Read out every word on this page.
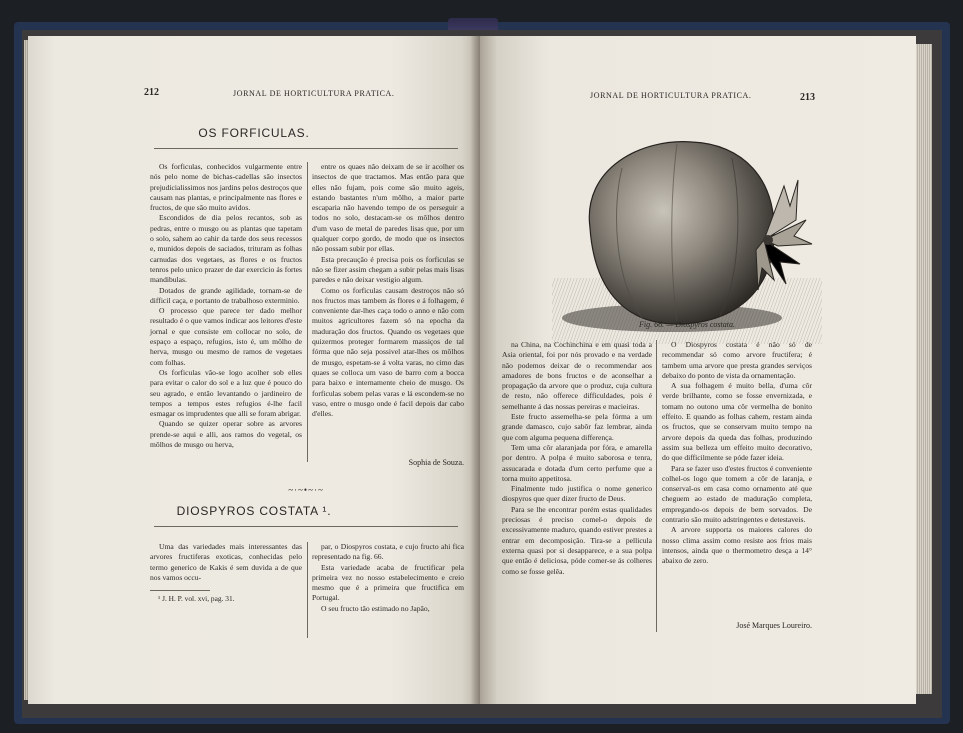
212	JORNAL DE HORTICULTURA PRATICA.
OS FORFICULAS.

Os forficulas, conhecidos vulgarmente entre nós pelo nome de bichas-cadellas são insectos prejudicialissimos nos jardins pelos destroços que causam nas plantas, e principalmente nas flores e fructos, de que são muito avidos.

Escondidos de dia pelos recantos, sob as pedras, entre o musgo ou as plantas que tapetam o solo, sahem ao cahir da tarde dos seus recessos e, munidos depois de saciados, trituram as folhas carnudas dos vegetaes, as flores e os fructos tenros pelo unico prazer de dar exercicio ás fortes mandibulas.

Dotados de grande agilidade, tornam-se de difficil caça, e portanto de trabalhoso exterminio.

O processo que parece ter dado melhor resultado é o que vamos indicar aos leitores d'este jornal e que consiste em collocar no solo, de espaço a espaço, refugios, isto é, um môlho de herva, musgo ou mesmo de ramos de vegetaes com folhas.

Os forficulas vão-se logo acolher sob elles para evitar o calor do sol e a luz que é pouco do seu agrado, e então levantando o jardineiro de tempos a tempos estes refugios é-lhe facil esmagar os imprudentes que alli se foram abrigar.

Quando se quizer operar sobre as arvores prende-se aqui e alli, aos ramos do vegetal, os môlhos de musgo ou herva,

entre os quaes não deixam de se ir acolher os insectos de que tractamos. Mas então para que elles não fujam, pois come são muito ageis, estando bastantes n'um môlho, a maior parte escaparia não havendo tempo de os perseguir a todos no solo, destacam-se os môlhos dentro d'um vaso de metal de paredes lisas que, por um qualquer corpo gordo, de modo que os insectos não possam subir por ellas.

Esta precaução é precisa pois os forficulas se não se fizer assim chegam a subir pelas mais lisas paredes e não deixar vestigio algum.

Como os forficulas causam destroços não só nos fructos mas tambem ás flores e á folhagem, é conveniente dar-lhes caça todo o anno e não com muitos agricultores fazem só na epocha da maduração dos fructos. Quando os vegetaes que quizermos proteger formarem massiços de tal fórma que não seja possivel atar-lhes os môlhos de musgo, espetam-se á volta varas, no cimo das quaes se colloca um vaso de barro com a bocca para baixo e internamente cheio de musgo. Os forficulas sobem pelas varas e lá escondem-se no vaso, entre o musgo onde é facil depois dar cabo d'elles.

Sophia de Souza.
~·~•~·~
DIOSPYROS COSTATA ¹.

Uma das variedades mais interessantes das arvores fructiferas exoticas, conhecidas pelo termo generico de Kakis é sem duvida a de que nos vamos occu-

par, o Diospyros costata, e cujo fructo ahi fica representado na fig. 66.

Esta variedade acaba de fructificar pela primeira vez no nosso estabelecimento e creio mesmo que é a primeira que fructifica em Portugal.

O seu fructo tão estimado no Japão,

¹ J. H. P. vol. xvi, pag. 31.
JORNAL DE HORTICULTURA PRATICA.	213
Fig. 66. — Diospyros costata.

na China, na Cochinchina e em quasi toda a Asia oriental, foi por nós provado e na verdade não podemos deixar de o recommendar aos amadores de bons fructos e de aconselhar a propagação da arvore que o produz, cuja cultura de resto, não offerece difficuldades, pois é semelhante á das nossas pereiras e macieiras.

Este fructo assemelha-se pela fórma a um grande damasco, cujo sabôr faz lembrar, ainda que com alguma pequena differença.

Tem uma côr alaranjada por fóra, e amarella por dentro. A polpa é muito saborosa e tenra, assucarada e dotada d'um certo perfume que a torna muito appetitosa.

Finalmente tudo justifica o nome generico diospyros que quer dizer fructo de Deus.

Para se lhe encontrar porém estas qualidades preciosas é preciso comel-o depois de excessivamente maduro, quando estiver prestes a entrar em decomposição. Tira-se a pellicula externa quasi por si desapparece, e a sua polpa que então é deliciosa, póde comer-se ás colheres como se fosse gelêa.

O Diospyros costata é não só de recommendar só como arvore fructifera; é tambem uma arvore que presta grandes serviços debaixo do ponto de vista da ornamentação.

A sua folhagem é muito bella, d'uma côr verde brilhante, como se fosse envernizada, e tomam no outono uma côr vermelha de bonito effeito. E quando as folhas cahem, restam ainda os fructos, que se conservam muito tempo na arvore depois da queda das folhas, produzindo assim sua belleza um effeito muito decorativo, do que difficilmente se póde fazer ideia.

Para se fazer uso d'estes fructos é conveniente colhel-os logo que tomem a côr de laranja, e conserval-os em casa como ornamento até que cheguem ao estado de maduração completa, empregando-os depois de bem sorvados. De contrario são muito adstringentes e detestaveis.

A arvore supporta os maiores calores do nosso clima assim como resiste aos frios mais intensos, ainda que o thermometro desça a 14° abaixo de zero.

José Marques Loureiro.
